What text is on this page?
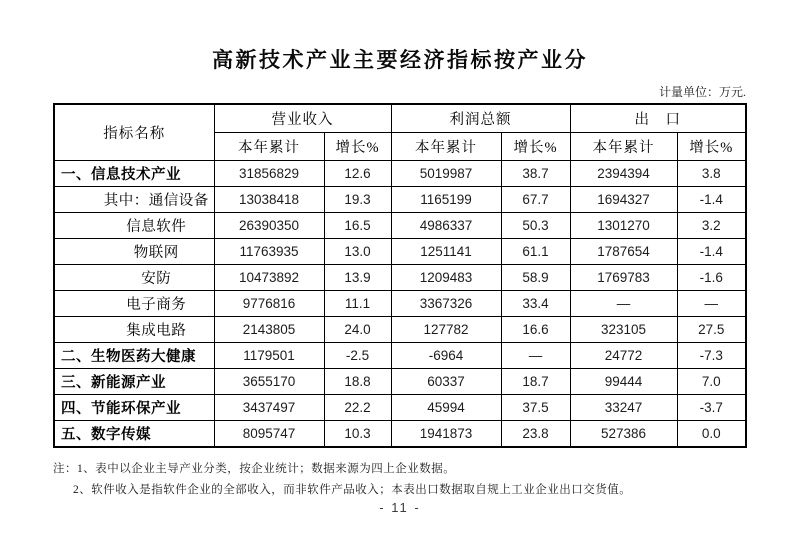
高新技术产业主要经济指标按产业分
计量单位：万元.
指标名称	营业收入		利润总额		出　口	
	本年累计	增长%	本年累计	增长%	本年累计	增长%
一、信息技术产业	31856829	12.6	5019987	38.7	2394394	3.8
其中：通信设备	13038418	19.3	1165199	67.7	1694327	-1.4
信息软件	26390350	16.5	4986337	50.3	1301270	3.2
物联网	11763935	13.0	1251141	61.1	1787654	-1.4
安防	10473892	13.9	1209483	58.9	1769783	-1.6
电子商务	9776816	11.1	3367326	33.4	—	—
集成电路	2143805	24.0	127782	16.6	323105	27.5
二、生物医药大健康	1179501	-2.5	-6964	—	24772	-7.3
三、新能源产业	3655170	18.8	60337	18.7	99444	7.0
四、节能环保产业	3437497	22.2	45994	37.5	33247	-3.7
五、数字传媒	8095747	10.3	1941873	23.8	527386	0.0
注：1、表中以企业主导产业分类，按企业统计；数据来源为四上企业数据。
2、软件收入是指软件企业的全部收入，而非软件产品收入；本表出口数据取自规上工业企业出口交货值。
- 11 -
